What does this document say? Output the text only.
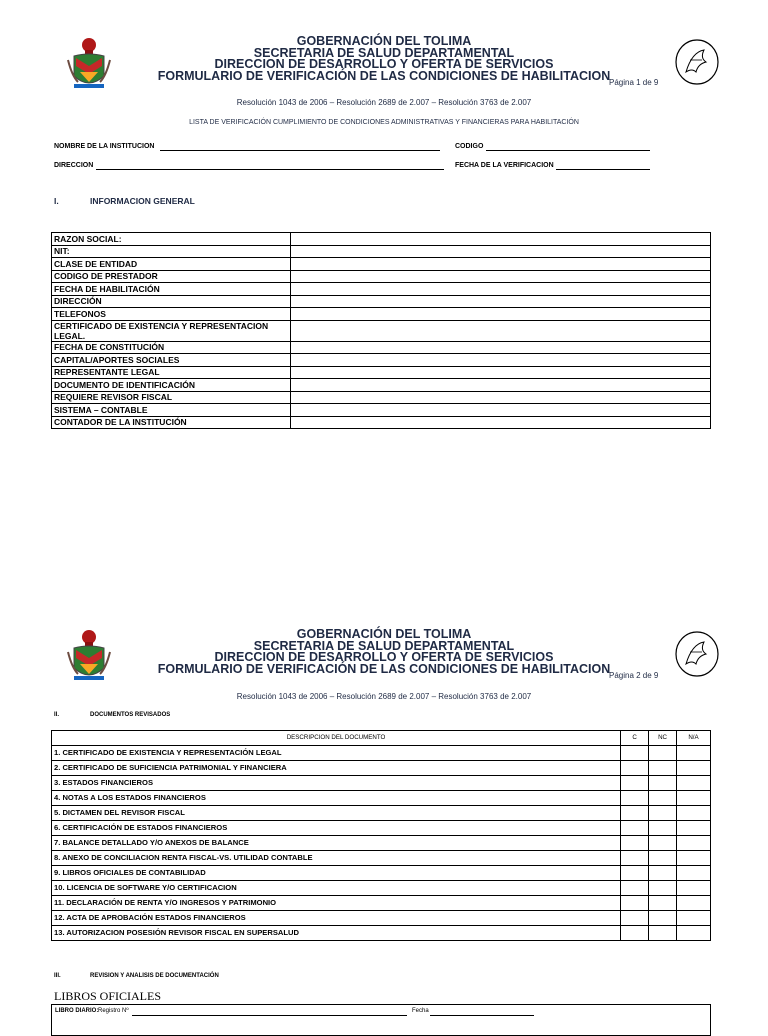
GOBERNACIÓN DEL TOLIMA
SECRETARIA DE SALUD DEPARTAMENTAL
DIRECCION DE DESARROLLO Y OFERTA DE SERVICIOS
FORMULARIO DE VERIFICACIÓN DE LAS CONDICIONES DE HABILITACION
Página 1 de 9
Resolución 1043 de 2006 – Resolución 2689 de 2.007 – Resolución 3763 de 2.007
LISTA DE VERIFICACIÓN CUMPLIMIENTO DE CONDICIONES ADMINISTRATIVAS Y FINANCIERAS PARA HABILITACIÓN
NOMBRE DE LA INSTITUCION	CODIGO
DIRECCION	FECHA DE LA VERIFICACION
I.	INFORMACION GENERAL
RAZON SOCIAL:	
NIT:	
CLASE DE ENTIDAD	
CODIGO DE PRESTADOR	
FECHA DE HABILITACIÓN	
DIRECCIÓN	
TELEFONOS	
CERTIFICADO DE EXISTENCIA Y REPRESENTACION LEGAL.	
FECHA DE CONSTITUCIÓN	
CAPITAL/APORTES SOCIALES	
REPRESENTANTE LEGAL	
DOCUMENTO DE IDENTIFICACIÓN	
REQUIERE REVISOR FISCAL	
SISTEMA – CONTABLE	
CONTADOR DE LA INSTITUCIÓN	
GOBERNACIÓN DEL TOLIMA
SECRETARIA DE SALUD DEPARTAMENTAL
DIRECCION DE DESARROLLO Y OFERTA DE SERVICIOS
FORMULARIO DE VERIFICACIÓN DE LAS CONDICIONES DE HABILITACION
Página 2 de 9
Resolución 1043 de 2006 – Resolución 2689 de 2.007 – Resolución 3763 de 2.007
II.	DOCUMENTOS REVISADOS
DESCRIPCION DEL DOCUMENTO	C	NC	N/A
1. CERTIFICADO DE EXISTENCIA Y REPRESENTACIÓN LEGAL			
2. CERTIFICADO DE SUFICIENCIA PATRIMONIAL Y FINANCIERA			
3. ESTADOS FINANCIEROS			
4. NOTAS A LOS ESTADOS FINANCIEROS			
5. DICTAMEN DEL REVISOR FISCAL			
6. CERTIFICACIÓN DE ESTADOS FINANCIEROS			
7. BALANCE DETALLADO Y/O ANEXOS DE BALANCE			
8. ANEXO DE CONCILIACION RENTA FISCAL-VS. UTILIDAD CONTABLE			
9. LIBROS OFICIALES DE CONTABILIDAD			
10. LICENCIA DE SOFTWARE Y/O CERTIFICACION			
11. DECLARACIÓN DE RENTA Y/O INGRESOS Y PATRIMONIO			
12. ACTA DE APROBACIÓN ESTADOS FINANCIEROS			
13. AUTORIZACION POSESIÓN REVISOR FISCAL EN SUPERSALUD			
III.	REVISION Y ANALISIS DE DOCUMENTACIÓN
LIBROS OFICIALES
LIBRO DIARIO: Registro Nº	Fecha
